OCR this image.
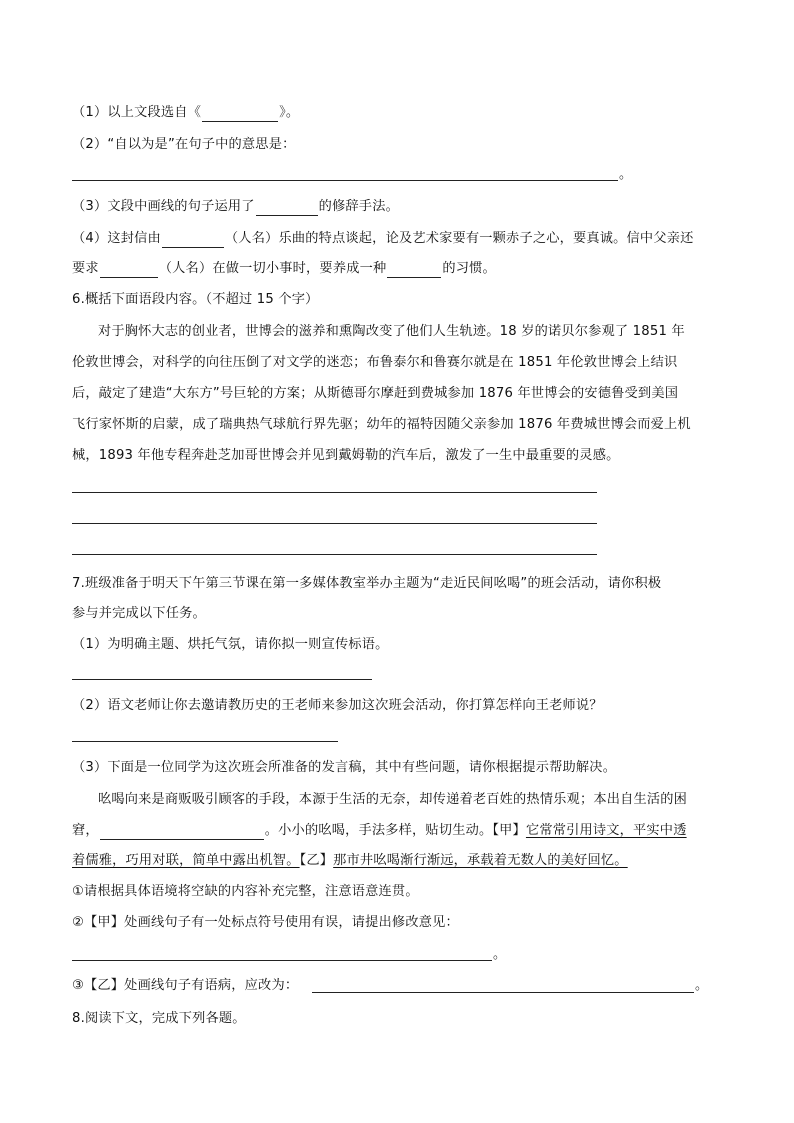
（1）以上文段选自《	》。
（2）“自以为是”在句子中的意思是：
。
（3）文段中画线的句子运用了	的修辞手法。
（4）这封信由	（人名）乐曲的特点谈起，论及艺术家要有一颗赤子之心，要真诚。信中父亲还
要求	（人名）在做一切小事时，要养成一种	的习惯。
6.概括下面语段内容。（不超过 15 个字）
对于胸怀大志的创业者，世博会的滋养和熏陶改变了他们人生轨迹。18 岁的诺贝尔参观了 1851 年
伦敦世博会，对科学的向往压倒了对文学的迷恋；布鲁泰尔和鲁赛尔就是在 1851 年伦敦世博会上结识
后，敲定了建造“大东方”号巨轮的方案；从斯德哥尔摩赶到费城参加 1876 年世博会的安德鲁受到美国
飞行家怀斯的启蒙，成了瑞典热气球航行界先驱；幼年的福特因随父亲参加 1876 年费城世博会而爱上机
械，1893 年他专程奔赴芝加哥世博会并见到戴姆勒的汽车后，激发了一生中最重要的灵感。
7.班级准备于明天下午第三节课在第一多媒体教室举办主题为“走近民间吆喝”的班会活动，请你积极
参与并完成以下任务。
（1）为明确主题、烘托气氛，请你拟一则宣传标语。
（2）语文老师让你去邀请教历史的王老师来参加这次班会活动，你打算怎样向王老师说？
（3）下面是一位同学为这次班会所准备的发言稿，其中有些问题，请你根据提示帮助解决。
吆喝向来是商贩吸引顾客的手段，本源于生活的无奈，却传递着老百姓的热情乐观；本出自生活的困
窘，	。小小的吆喝，手法多样，贴切生动。【甲】它常常引用诗文，平实中透
着儒雅，巧用对联，简单中露出机智。【乙】那市井吆喝渐行渐远，承载着无数人的美好回忆。
①请根据具体语境将空缺的内容补充完整，注意语意连贯。
②【甲】处画线句子有一处标点符号使用有误，请提出修改意见：
。
③【乙】处画线句子有语病，应改为：	。
8.阅读下文，完成下列各题。
